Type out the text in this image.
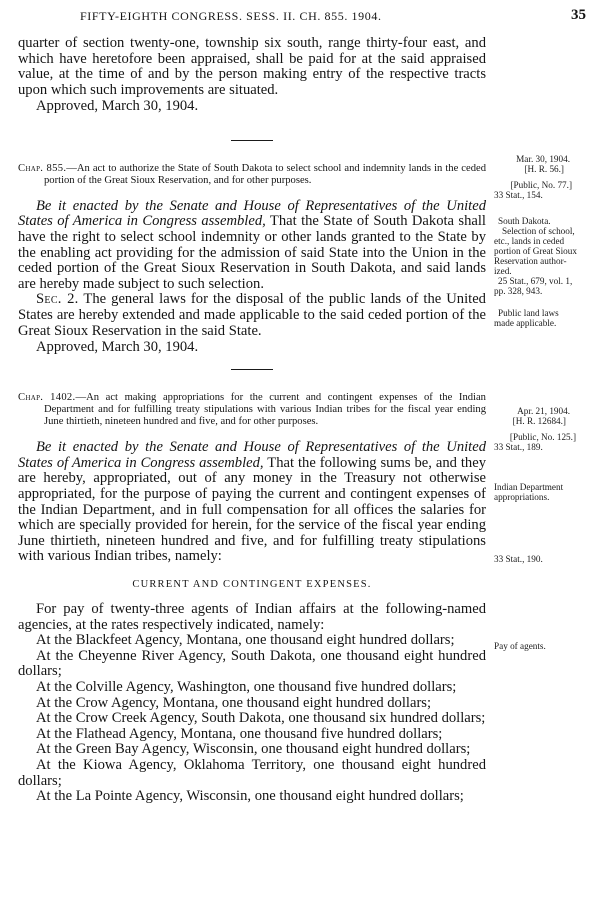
FIFTY-EIGHTH CONGRESS. SESS. II. CH. 855. 1904.	35

quarter of section twenty-one, township six south, range thirty-four east, and which have heretofore been appraised, shall be paid for at the said appraised value, at the time of and by the person making entry of the respective tracts upon which such improvements are situated.

Approved, March 30, 1904.

Chap. 855.—An act to authorize the State of South Dakota to select school and indemnity lands in the ceded portion of the Great Sioux Reservation, and for other purposes.

Be it enacted by the Senate and House of Representatives of the United States of America in Congress assembled, That the State of South Dakota shall have the right to select school indemnity or other lands granted to the State by the enabling act providing for the admission of said State into the Union in the ceded portion of the Great Sioux Reservation in South Dakota, and said lands are hereby made subject to such selection.

Sec. 2. The general laws for the disposal of the public lands of the United States are hereby extended and made applicable to the said ceded portion of the Great Sioux Reservation in the said State.

Approved, March 30, 1904.

Chap. 1402.—An act making appropriations for the current and contingent expenses of the Indian Department and for fulfilling treaty stipulations with various Indian tribes for the fiscal year ending June thirtieth, nineteen hundred and five, and for other purposes.

Be it enacted by the Senate and House of Representatives of the United States of America in Congress assembled, That the following sums be, and they are hereby, appropriated, out of any money in the Treasury not otherwise appropriated, for the purpose of paying the current and contingent expenses of the Indian Department, and in full compensation for all offices the salaries for which are specially provided for herein, for the service of the fiscal year ending June thirtieth, nineteen hundred and five, and for fulfilling treaty stipulations with various Indian tribes, namely:

CURRENT AND CONTINGENT EXPENSES.

For pay of twenty-three agents of Indian affairs at the following-named agencies, at the rates respectively indicated, namely:

At the Blackfeet Agency, Montana, one thousand eight hundred dollars;
At the Cheyenne River Agency, South Dakota, one thousand eight hundred dollars;
At the Colville Agency, Washington, one thousand five hundred dollars;
At the Crow Agency, Montana, one thousand eight hundred dollars;
At the Crow Creek Agency, South Dakota, one thousand six hundred dollars;
At the Flathead Agency, Montana, one thousand five hundred dollars;
At the Green Bay Agency, Wisconsin, one thousand eight hundred dollars;
At the Kiowa Agency, Oklahoma Territory, one thousand eight hundred dollars;
At the La Pointe Agency, Wisconsin, one thousand eight hundred dollars;
Mar. 30, 1904.
[H. R. 56.]
[Public, No. 77.]
33 Stat., 154.
South Dakota.
Selection of school,
etc., lands in ceded
portion of Great Sioux
Reservation author-
ized.
25 Stat., 679, vol. 1,
pp. 328, 943.
Public land laws
made applicable.
Apr. 21, 1904.
[H. R. 12684.]
[Public, No. 125.]
33 Stat., 189.
Indian Department
appropriations.
33 Stat., 190.
Pay of agents.
